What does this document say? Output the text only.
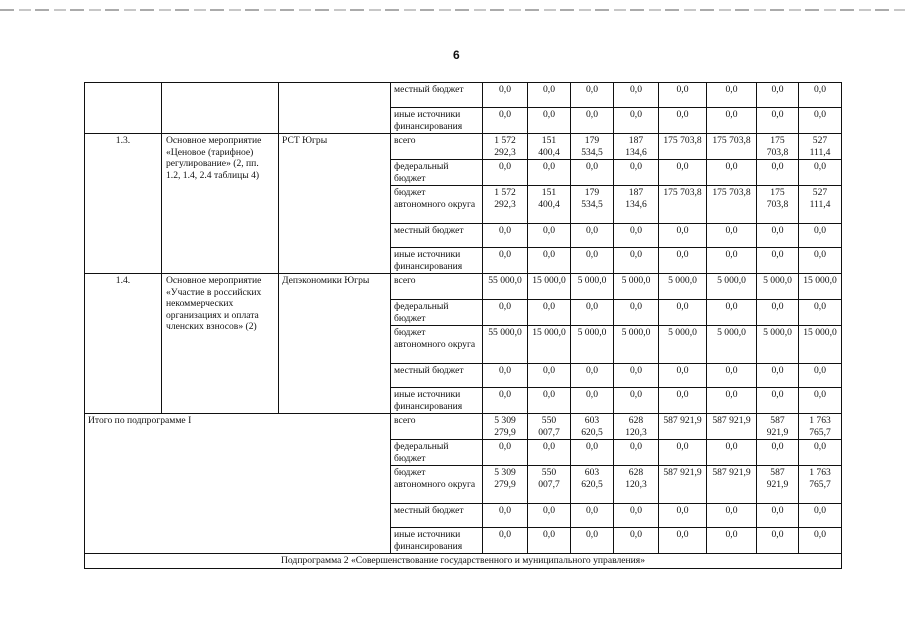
6
			местный бюджет	0,0	0,0	0,0	0,0	0,0	0,0	0,0	0,0
			иные источники финансирования	0,0	0,0	0,0	0,0	0,0	0,0	0,0	0,0
1.3.	Основное мероприятие «Ценовое (тарифное) регулирование» (2, пп. 1.2, 1.4, 2.4 таблицы 4)	РСТ Югры	всего	1 572 292,3	151 400,4	179 534,5	187 134,6	175 703,8	175 703,8	175 703,8	527 111,4
			федеральный бюджет	0,0	0,0	0,0	0,0	0,0	0,0	0,0	0,0
			бюджет автономного округа	1 572 292,3	151 400,4	179 534,5	187 134,6	175 703,8	175 703,8	175 703,8	527 111,4
			местный бюджет	0,0	0,0	0,0	0,0	0,0	0,0	0,0	0,0
			иные источники финансирования	0,0	0,0	0,0	0,0	0,0	0,0	0,0	0,0
1.4.	Основное мероприятие «Участие в российских некоммерческих организациях и оплата членских взносов» (2)	Депэкономики Югры	всего	55 000,0	15 000,0	5 000,0	5 000,0	5 000,0	5 000,0	5 000,0	15 000,0
			федеральный бюджет	0,0	0,0	0,0	0,0	0,0	0,0	0,0	0,0
			бюджет автономного округа	55 000,0	15 000,0	5 000,0	5 000,0	5 000,0	5 000,0	5 000,0	15 000,0
			местный бюджет	0,0	0,0	0,0	0,0	0,0	0,0	0,0	0,0
			иные источники финансирования	0,0	0,0	0,0	0,0	0,0	0,0	0,0	0,0
Итого по подпрограмме I			всего	5 309 279,9	550 007,7	603 620,5	628 120,3	587 921,9	587 921,9	587 921,9	1 763 765,7
			федеральный бюджет	0,0	0,0	0,0	0,0	0,0	0,0	0,0	0,0
			бюджет автономного округа	5 309 279,9	550 007,7	603 620,5	628 120,3	587 921,9	587 921,9	587 921,9	1 763 765,7
			местный бюджет	0,0	0,0	0,0	0,0	0,0	0,0	0,0	0,0
			иные источники финансирования	0,0	0,0	0,0	0,0	0,0	0,0	0,0	0,0
Подпрограмма 2 «Совершенствование государственного и муниципального управления»											
